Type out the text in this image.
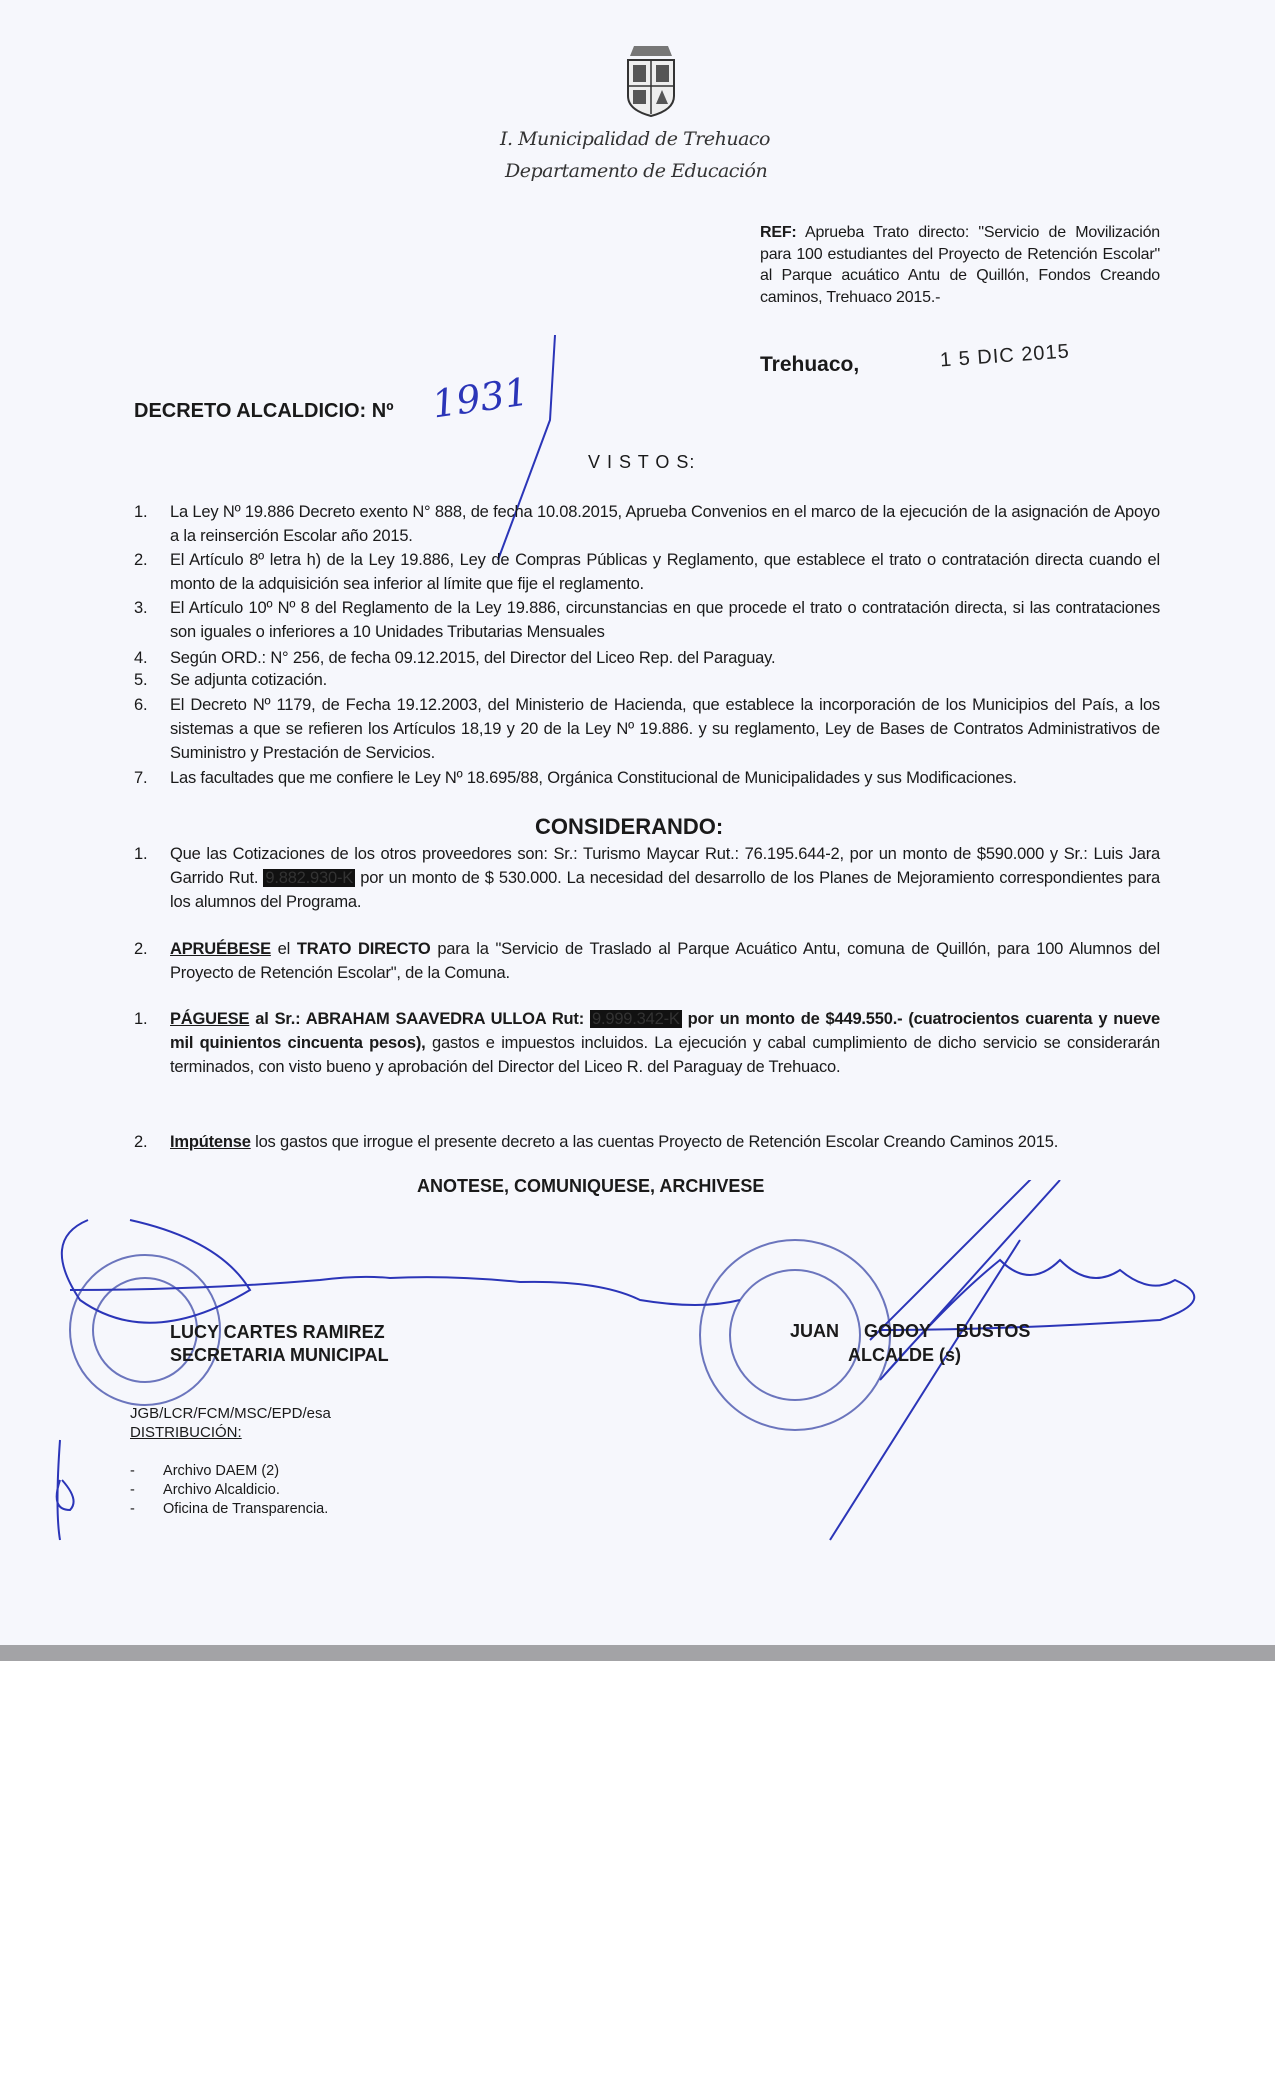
I. Municipalidad de Trehuaco
Departamento de Educación
REF: Aprueba Trato directo: "Servicio de Movilización para 100 estudiantes del Proyecto de Retención Escolar" al Parque acuático Antu de Quillón, Fondos Creando caminos, Trehuaco 2015.-
Trehuaco,	1 5 DIC 2015
DECRETO ALCALDICIO: Nº 1931
V I S T O S:
1. La Ley Nº 19.886 Decreto exento N° 888, de fecha 10.08.2015, Aprueba Convenios en el marco de la ejecución de la asignación de Apoyo a la reinserción Escolar año 2015.
2. El Artículo 8º letra h) de la Ley 19.886, Ley de Compras Públicas y Reglamento, que establece el trato o contratación directa cuando el monto de la adquisición sea inferior al límite que fije el reglamento.
3. El Artículo 10º Nº 8 del Reglamento de la Ley 19.886, circunstancias en que procede el trato o contratación directa, si las contrataciones son iguales o inferiores a 10 Unidades Tributarias Mensuales
4. Según ORD.: N° 256, de fecha 09.12.2015, del Director del Liceo Rep. del Paraguay.
5. Se adjunta cotización.
6. El Decreto Nº 1179, de Fecha 19.12.2003, del Ministerio de Hacienda, que establece la incorporación de los Municipios del País, a los sistemas a que se refieren los Artículos 18,19 y 20 de la Ley Nº 19.886. y su reglamento, Ley de Bases de Contratos Administrativos de Suministro y Prestación de Servicios.
7. Las facultades que me confiere le Ley Nº 18.695/88, Orgánica Constitucional de Municipalidades y sus Modificaciones.
CONSIDERANDO:
1. Que las Cotizaciones de los otros proveedores son: Sr.: Turismo Maycar Rut.: 76.195.644-2, por un monto de $590.000 y Sr.: Luis Jara Garrido Rut. 9.882.930-K por un monto de $ 530.000. La necesidad del desarrollo de los Planes de Mejoramiento correspondientes para los alumnos del Programa.
2. APRUÉBESE el TRATO DIRECTO para la "Servicio de Traslado al Parque Acuático Antu, comuna de Quillón, para 100 Alumnos del Proyecto de Retención Escolar", de la Comuna.
1. PÁGUESE al Sr.: ABRAHAM SAAVEDRA ULLOA Rut: 9.999.342-K por un monto de $449.550.- (cuatrocientos cuarenta y nueve mil quinientos cincuenta pesos), gastos e impuestos incluidos. La ejecución y cabal cumplimiento de dicho servicio se considerarán terminados, con visto bueno y aprobación del Director del Liceo R. del Paraguay de Trehuaco.
2. Impútense los gastos que irrogue el presente decreto a las cuentas Proyecto de Retención Escolar Creando Caminos 2015.
ANOTESE, COMUNIQUESE, ARCHIVESE
LUCY CARTES RAMIREZ
SECRETARIA MUNICIPAL
JUAN     GODOY     BUSTOS
ALCALDE (s)
JGB/LCR/FCM/MSC/EPD/esa
DISTRIBUCIÓN:
-       Archivo DAEM (2)
-       Archivo Alcaldicio.
-       Oficina de Transparencia.
